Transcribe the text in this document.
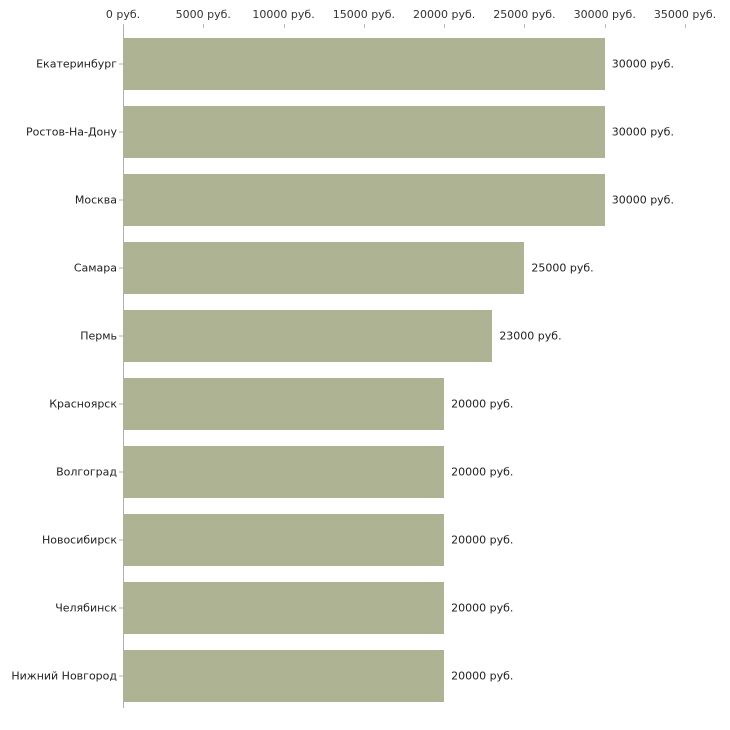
0 руб.	5000 руб. 10000 руб. 15000 руб. 20000 руб. 25000 руб. 30000 руб. 35000 руб.
Екатеринбург	30000 руб.
Ростов-На-Дону	30000 руб.
Москва	30000 руб.
Самара	25000 руб.
Пермь	23000 руб.
Красноярск	20000 руб.
Волгоград	20000 руб.
Новосибирск	20000 руб.
Челябинск	20000 руб.
Нижний Новгород	20000 руб.
